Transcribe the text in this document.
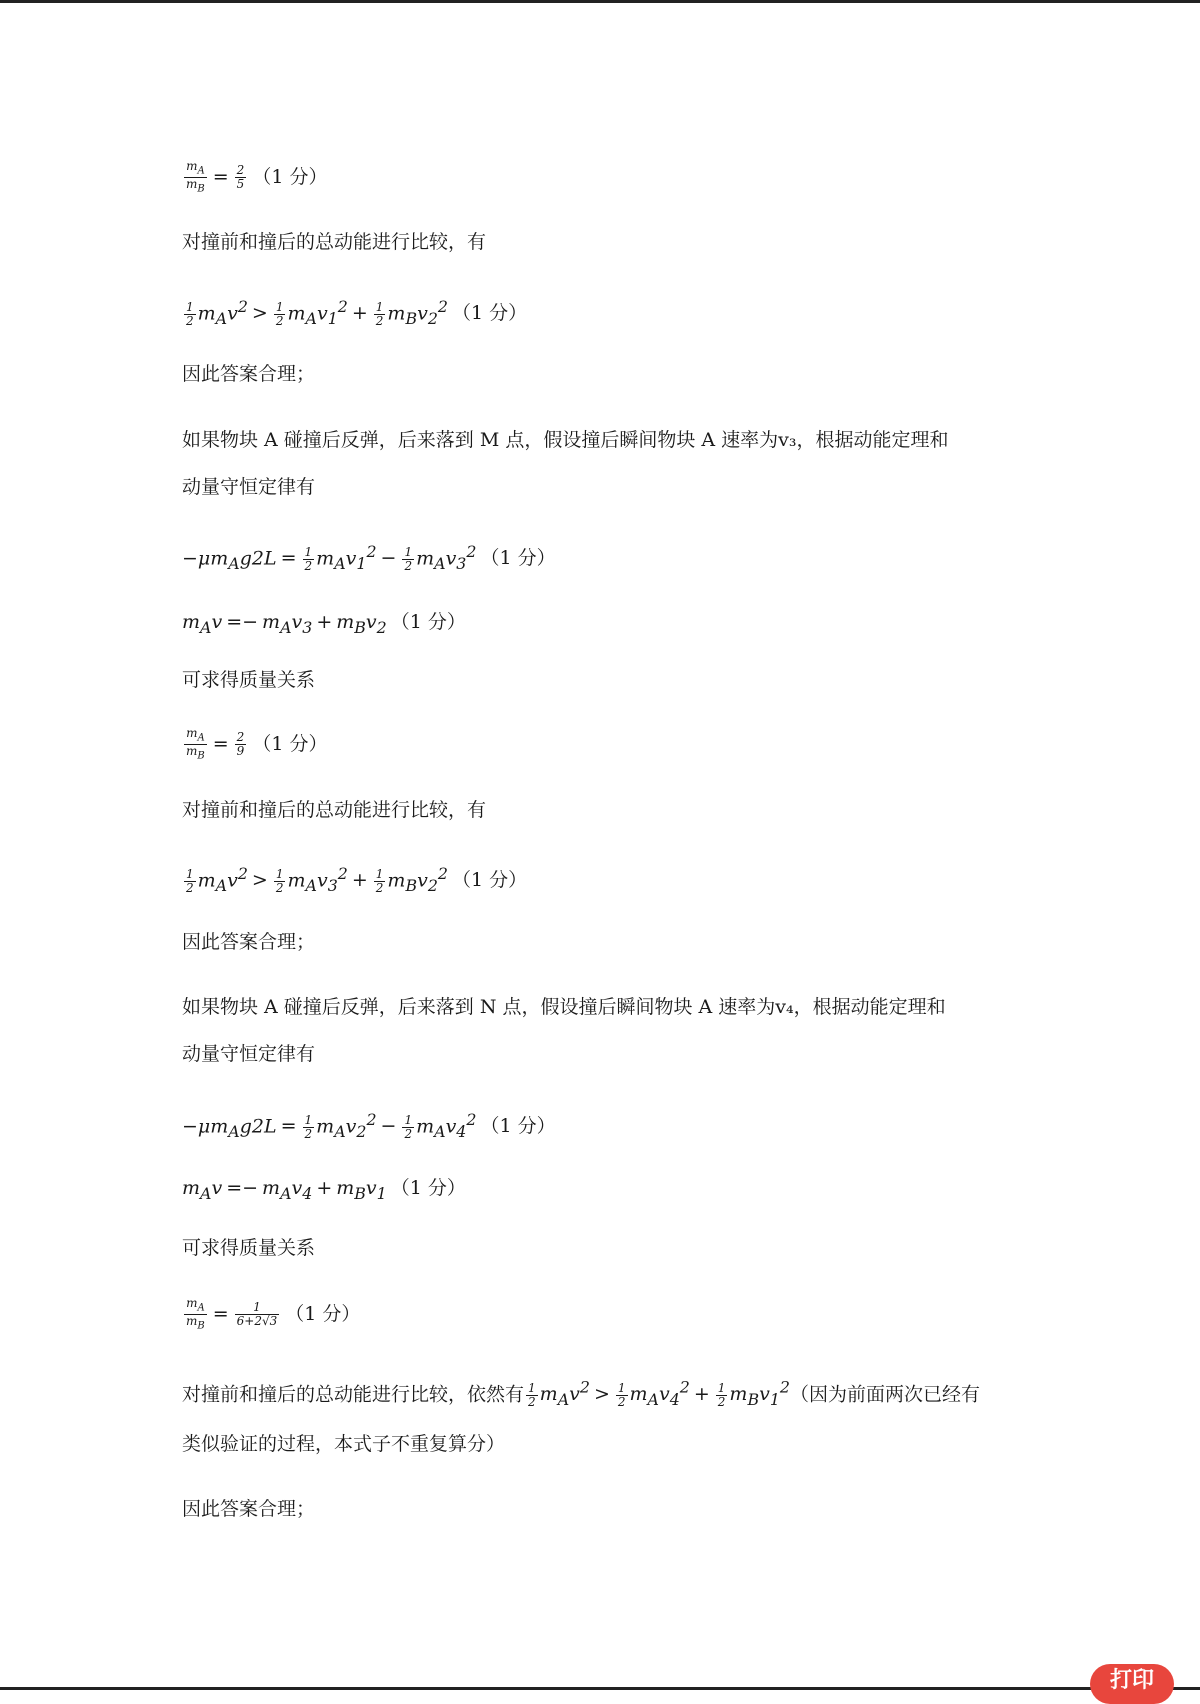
$\frac{m_A}{m_B} = \frac{2}{5} (1$ 分）
对撞前和撞后的总动能进行比较，有
$\frac{1}{2} m_Av^2 > \frac{1}{2} m_Av_1^2 + \frac{1}{2} m_Bv_2^2$ （1 分）
因此答案合理；
如果物块 A 碰撞后反弹，后来落到 M 点，假设撞后瞬间物块 A 速率为v₃，根据动能定理和
动量守恒定律有
$-\mu m_Ag2L = \frac{1}{2} m_Av_1^2 - \frac{1}{2} m_Av_3^2$ （1 分）
$m_Av =- m_Av_3 + m_Bv_2$ （1 分）
可求得质量关系
$\frac{m_A}{m_B} = \frac{2}{9} (1$ 分）
对撞前和撞后的总动能进行比较，有
$\frac{1}{2} m_Av^2 > \frac{1}{2} m_Av_3^2 + \frac{1}{2} m_Bv_2^2$ （1 分）
因此答案合理；
如果物块 A 碰撞后反弹，后来落到 N 点，假设撞后瞬间物块 A 速率为v₄，根据动能定理和
动量守恒定律有
$-\mu m_Ag2L = \frac{1}{2} m_Av_2^2 - \frac{1}{2} m_Av_4^2$ （1 分）
$m_Av =- m_Av_4 + m_Bv_1$ （1 分）
可求得质量关系
$\frac{m_A}{m_B} = \frac{1}{6+2√3} (1$ 分）
对撞前和撞后的总动能进行比较，依然有 $\frac{1}{2} m_Av^2 > \frac{1}{2} m_Av_4^2 + \frac{1}{2} m_Bv_1^2$（因为前面两次已经有
类似验证的过程，本式子不重复算分）
因此答案合理；
打印
